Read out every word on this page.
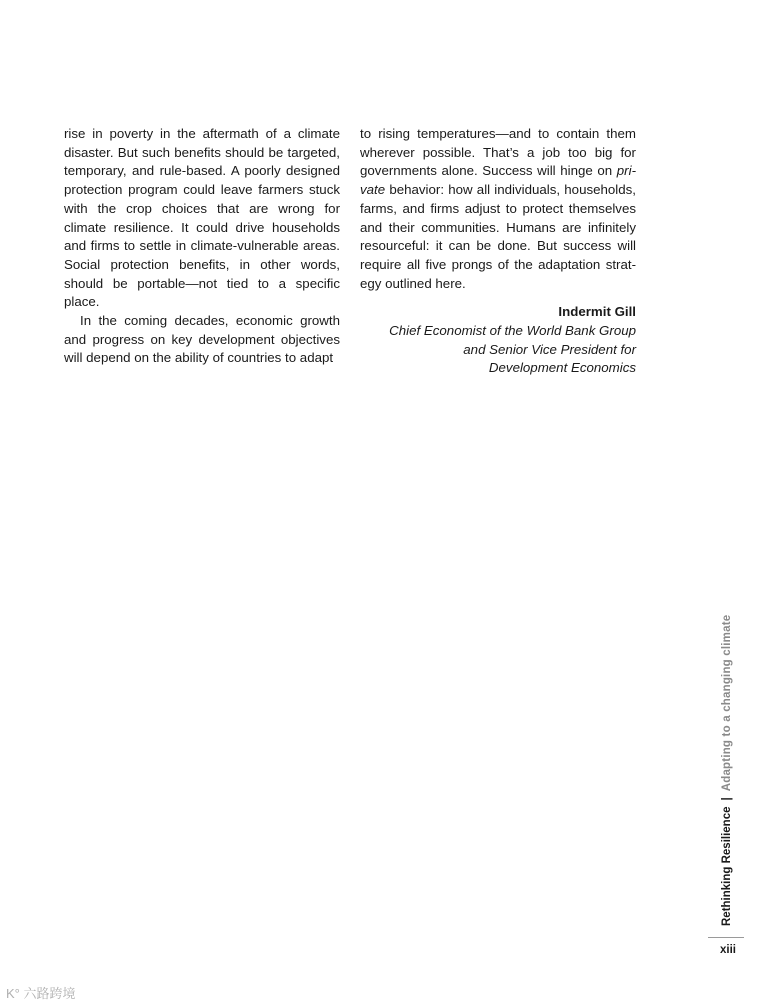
rise in poverty in the aftermath of a climate disaster. But such benefits should be targeted, temporary, and rule-based. A poorly designed protection program could leave farmers stuck with the crop choices that are wrong for climate resilience. It could drive households and firms to settle in climate-vulnerable areas. Social protection benefits, in other words, should be portable—not tied to a specific place.

In the coming decades, economic growth and progress on key development objectives will depend on the ability of countries to adapt

to rising temperatures—and to contain them wherever possible. That’s a job too big for governments alone. Success will hinge on private behavior: how all individuals, households, farms, and firms adjust to protect themselves and their communities. Humans are infinitely resourceful: it can be done. But success will require all five prongs of the adaptation strategy outlined here.

Indermit Gill
Chief Economist of the World Bank Group
and Senior Vice President for
Development Economics
Rethinking Resilience|Adapting to a changing climate
xiii
K° 六路跨境
